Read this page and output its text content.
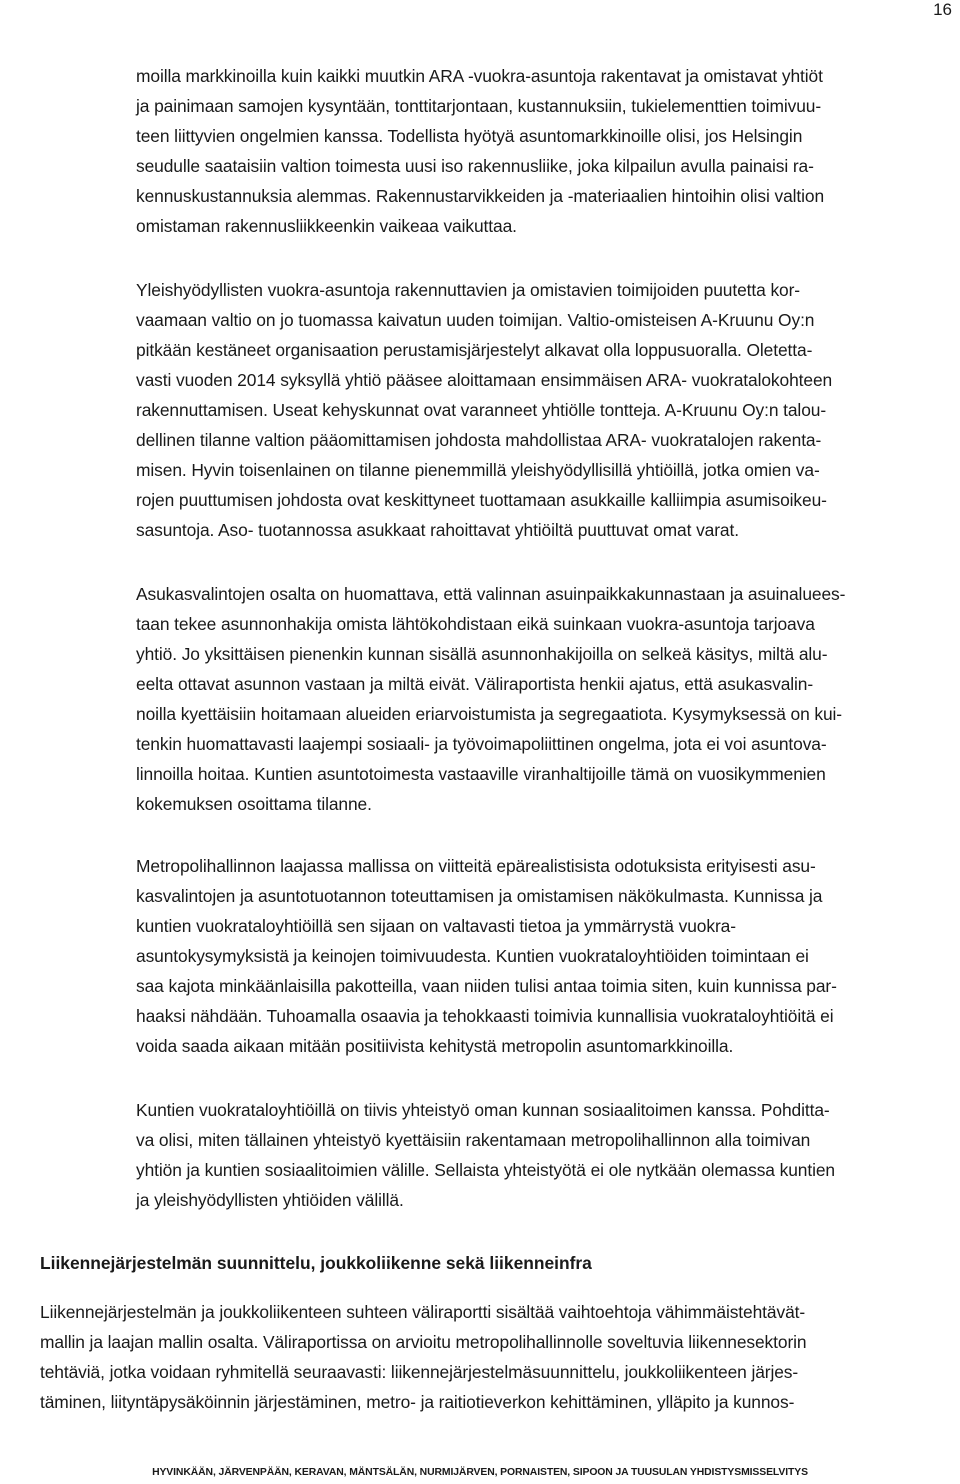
16
moilla markkinoilla kuin kaikki muutkin ARA -vuokra-asuntoja rakentavat ja omistavat yhtiöt
ja painimaan samojen kysyntään, tonttitarjontaan, kustannuksiin, tukielementtien toimivuu-
teen liittyvien ongelmien kanssa. Todellista hyötyä asuntomarkkinoille olisi, jos Helsingin
seudulle saataisiin valtion toimesta uusi iso rakennusliike, joka kilpailun avulla painaisi ra-
kennuskustannuksia alemmas. Rakennustarvikkeiden ja -materiaalien hintoihin olisi valtion
omistaman rakennusliikkeenkin vaikeaa vaikuttaa.
Yleishyödyllisten vuokra-asuntoja rakennuttavien ja omistavien toimijoiden puutetta kor-
vaamaan valtio on jo tuomassa kaivatun uuden toimijan. Valtio-omisteisen A-Kruunu Oy:n
pitkään kestäneet organisaation perustamisjärjestelyt alkavat olla loppusuoralla. Oletetta-
vasti vuoden 2014 syksyllä yhtiö pääsee aloittamaan ensimmäisen ARA- vuokratalokohteen
rakennuttamisen. Useat kehyskunnat ovat varanneet yhtiölle tontteja. A-Kruunu Oy:n talou-
dellinen tilanne valtion pääomittamisen johdosta mahdollistaa ARA- vuokratalojen rakenta-
misen. Hyvin toisenlainen on tilanne pienemmillä yleishyödyllisillä yhtiöillä, jotka omien va-
rojen puuttumisen johdosta ovat keskittyneet tuottamaan asukkaille kalliimpia asumisoikeu-
sasuntoja. Aso- tuotannossa asukkaat rahoittavat yhtiöiltä puuttuvat omat varat.
Asukasvalintojen osalta on huomattava, että valinnan asuinpaikkakunnastaan ja asuinaluees-
taan tekee asunnonhakija omista lähtökohdistaan eikä suinkaan vuokra-asuntoja tarjoava
yhtiö. Jo yksittäisen pienenkin kunnan sisällä asunnonhakijoilla on selkeä käsitys, miltä alu-
eelta ottavat asunnon vastaan ja miltä eivät. Väliraportista henkii ajatus, että asukasvalin-
noilla kyettäisiin hoitamaan alueiden eriarvoistumista ja segregaatiota. Kysymyksessä on kui-
tenkin huomattavasti laajempi sosiaali- ja työvoimapoliittinen ongelma, jota ei voi asuntova-
linnoilla hoitaa. Kuntien asuntotoimesta vastaaville viranhaltijoille tämä on vuosikymmenien
kokemuksen osoittama tilanne.
Metropolihallinnon laajassa mallissa on viitteitä epärealistisista odotuksista erityisesti asu-
kasvalintojen ja asuntotuotannon toteuttamisen ja omistamisen näkökulmasta. Kunnissa ja
kuntien vuokrataloyhtiöillä sen sijaan on valtavasti tietoa ja ymmärrystä vuokra-
asuntokysymyksistä ja keinojen toimivuudesta. Kuntien vuokrataloyhtiöiden toimintaan ei
saa kajota minkäänlaisilla pakotteilla, vaan niiden tulisi antaa toimia siten, kuin kunnissa par-
haaksi nähdään. Tuhoamalla osaavia ja tehokkaasti toimivia kunnallisia vuokrataloyhtiöitä ei
voida saada aikaan mitään positiivista kehitystä metropolin asuntomarkkinoilla.
Kuntien vuokrataloyhtiöillä on tiivis yhteistyö oman kunnan sosiaalitoimen kanssa. Pohditta-
va olisi, miten tällainen yhteistyö kyettäisiin rakentamaan metropolihallinnon alla toimivan
yhtiön ja kuntien sosiaalitoimien välille. Sellaista yhteistyötä ei ole nytkään olemassa kuntien
ja yleishyödyllisten yhtiöiden välillä.
Liikennejärjestelmän suunnittelu, joukkoliikenne sekä liikenneinfra
Liikennejärjestelmän ja joukkoliikenteen suhteen väliraportti sisältää vaihtoehtoja vähimmäistehtävät-
mallin ja laajan mallin osalta. Väliraportissa on arvioitu metropolihallinnolle soveltuvia liikennesektorin
tehtäviä, jotka voidaan ryhmitellä seuraavasti: liikennejärjestelmäsuunnittelu, joukkoliikenteen järjes-
täminen, liityntäpysäköinnin järjestäminen, metro- ja raitiotieverkon kehittäminen, ylläpito ja kunnos-
HYVINKÄÄN, JÄRVENPÄÄN, KERAVAN, MÄNTSÄLÄN, NURMIJÄRVEN, PORNAISTEN, SIPOON JA TUUSULAN YHDISTYSMISSELVITYS
